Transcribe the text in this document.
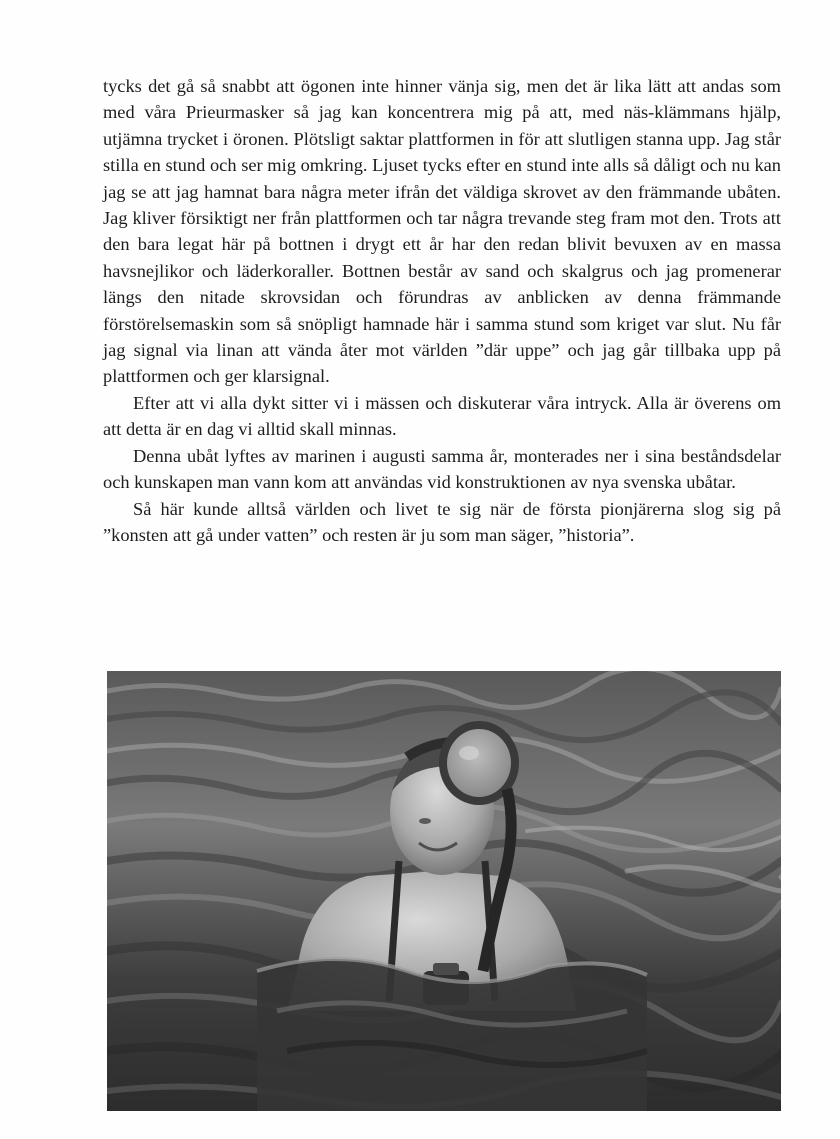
tycks det gå så snabbt att ögonen inte hinner vänja sig, men det är lika lätt att andas som med våra Prieurmasker så jag kan koncentrera mig på att, med näs-klämmans hjälp, utjämna trycket i öronen. Plötsligt saktar plattformen in för att slutligen stanna upp. Jag står stilla en stund och ser mig omkring. Ljuset tycks efter en stund inte alls så dåligt och nu kan jag se att jag hamnat bara några meter ifrån det väldiga skrovet av den främmande ubåten. Jag kliver försiktigt ner från plattformen och tar några trevande steg fram mot den. Trots att den bara legat här på bottnen i drygt ett år har den redan blivit bevuxen av en massa havsnejlikor och läderkoraller. Bottnen består av sand och skalgrus och jag promenerar längs den nitade skrovsidan och förundras av anblicken av denna främmande förstörelsemaskin som så snöpligt hamnade här i samma stund som kriget var slut. Nu får jag signal via linan att vända åter mot världen ”där uppe” och jag går tillbaka upp på plattformen och ger klarsignal.

Efter att vi alla dykt sitter vi i mässen och diskuterar våra intryck. Alla är överens om att detta är en dag vi alltid skall minnas.

Denna ubåt lyftes av marinen i augusti samma år, monterades ner i sina beståndsdelar och kunskapen man vann kom att användas vid konstruktionen av nya svenska ubåtar.

Så här kunde alltså världen och livet te sig när de första pionjärerna slog sig på ”konsten att gå under vatten” och resten är ju som man säger, ”historia”.
